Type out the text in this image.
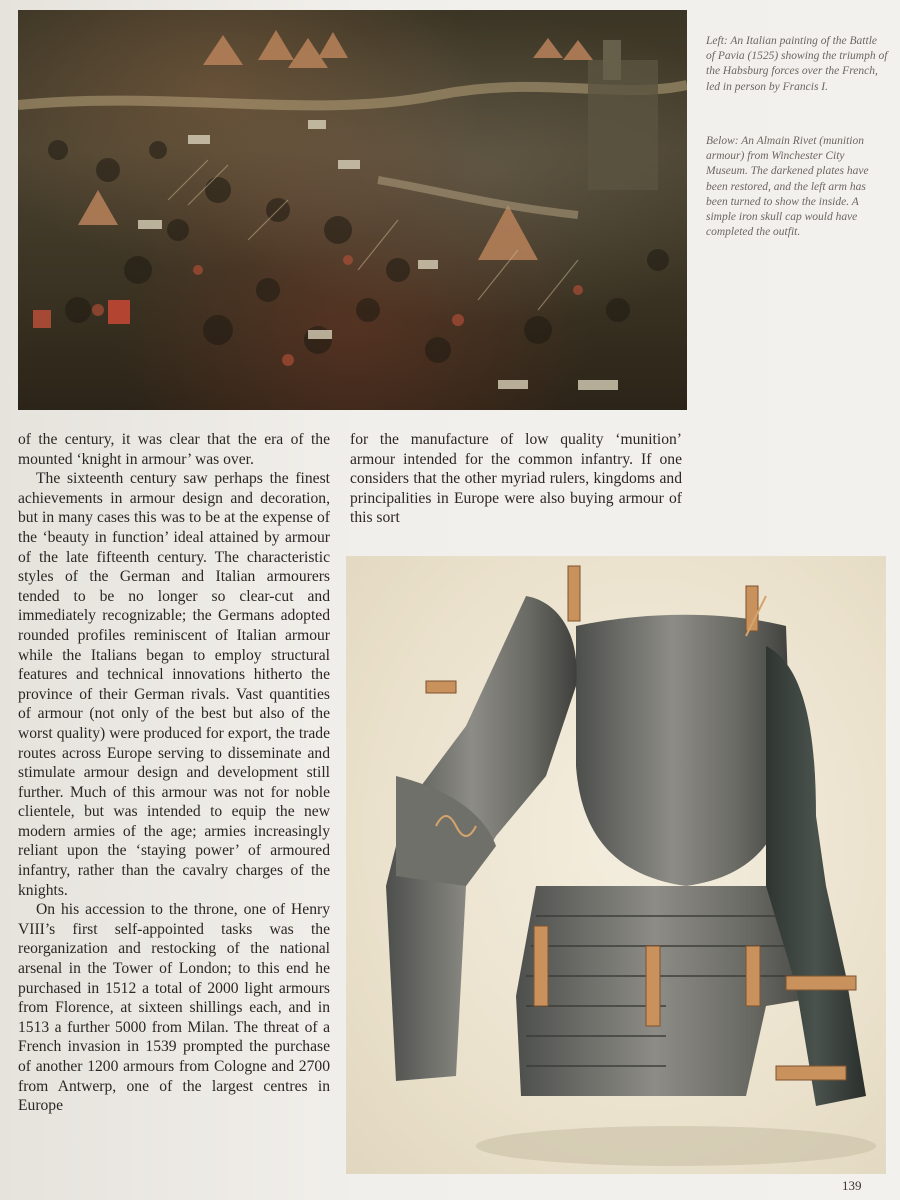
Left: An Italian painting of the Battle of Pavia (1525) showing the triumph of the Habsburg forces over the French, led in person by Francis I.

Below: An Almain Rivet (munition armour) from Winchester City Museum. The darkened plates have been restored, and the left arm has been turned to show the inside. A simple iron skull cap would have completed the outfit.

of the century, it was clear that the era of the mounted ‘knight in armour’ was over.

The sixteenth century saw perhaps the finest achievements in armour design and decoration, but in many cases this was to be at the expense of the ‘beauty in function’ ideal attained by armour of the late fifteenth century. The characteristic styles of the German and Italian armourers tended to be no longer so clear-cut and immediately recognizable; the Germans adopted rounded profiles reminiscent of Italian armour while the Italians began to employ structural features and technical innovations hitherto the province of their German rivals. Vast quantities of armour (not only of the best but also of the worst quality) were produced for export, the trade routes across Europe serving to disseminate and stimulate armour design and development still further. Much of this armour was not for noble clientele, but was intended to equip the new modern armies of the age; armies increasingly reliant upon the ‘staying power’ of armoured infantry, rather than the cavalry charges of the knights.

On his accession to the throne, one of Henry VIII’s first self-appointed tasks was the reorganization and restocking of the national arsenal in the Tower of London; to this end he purchased in 1512 a total of 2000 light armours from Florence, at sixteen shillings each, and in 1513 a further 5000 from Milan. The threat of a French invasion in 1539 prompted the purchase of another 1200 armours from Cologne and 2700 from Antwerp, one of the largest centres in Europe

for the manufacture of low quality ‘munition’ armour intended for the common infantry. If one considers that the other myriad rulers, kingdoms and principalities in Europe were also buying armour of this sort

139
